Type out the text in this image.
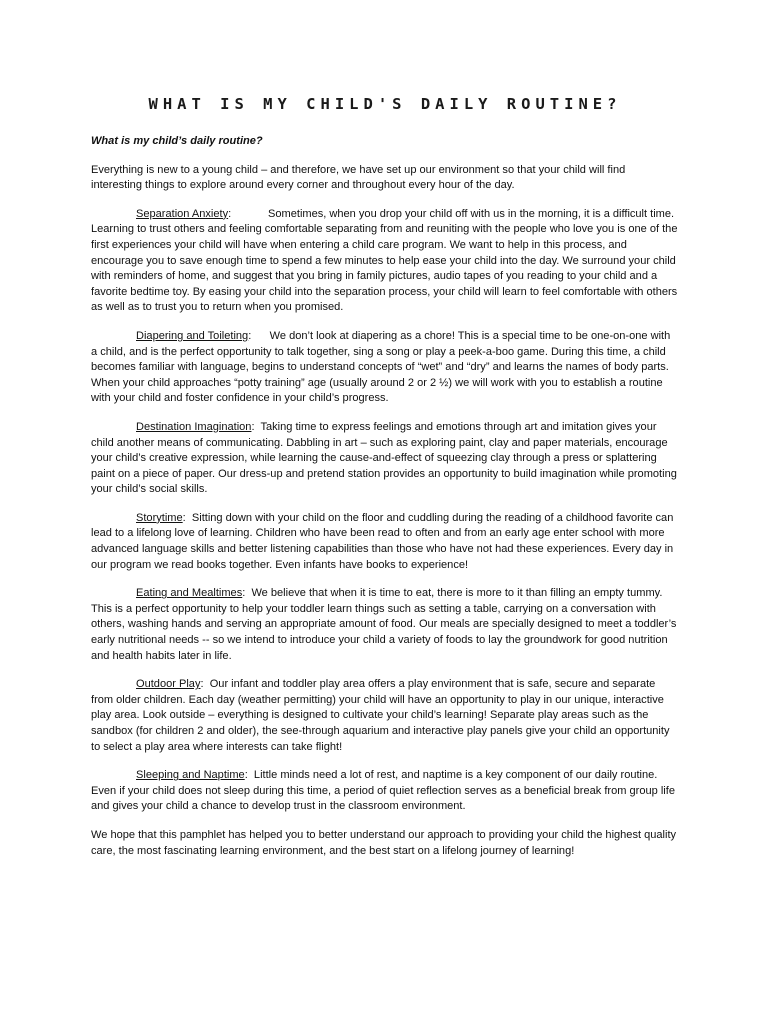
WHAT IS MY CHILD'S DAILY ROUTINE?

What is my child’s daily routine?

Everything is new to a young child – and therefore, we have set up our environment so that your child will find interesting things to explore around every corner and throughout every hour of the day.

Separation Anxiety:            Sometimes, when you drop your child off with us in the morning, it is a difficult time. Learning to trust others and feeling comfortable separating from and reuniting with the people who love you is one of the first experiences your child will have when entering a child care program. We want to help in this process, and encourage you to save enough time to spend a few minutes to help ease your child into the day. We surround your child with reminders of home, and suggest that you bring in family pictures, audio tapes of you reading to your child and a favorite bedtime toy. By easing your child into the separation process, your child will learn to feel comfortable with others as well as to trust you to return when you promised.

Diapering and Toileting:      We don’t look at diapering as a chore! This is a special time to be one-on-one with a child, and is the perfect opportunity to talk together, sing a song or play a peek-a-boo game. During this time, a child becomes familiar with language, begins to understand concepts of “wet” and “dry” and learns the names of body parts. When your child approaches “potty training” age (usually around 2 or 2 ½) we will work with you to establish a routine with your child and foster confidence in your child’s progress.

Destination Imagination:  Taking time to express feelings and emotions through art and imitation gives your child another means of communicating. Dabbling in art – such as exploring paint, clay and paper materials, encourage your child’s creative expression, while learning the cause-and-effect of squeezing clay through a press or splattering paint on a piece of paper. Our dress-up and pretend station provides an opportunity to build imagination while promoting your child’s social skills.

Storytime:  Sitting down with your child on the floor and cuddling during the reading of a childhood favorite can lead to a lifelong love of learning. Children who have been read to often and from an early age enter school with more advanced language skills and better listening capabilities than those who have not had these experiences. Every day in our program we read books together. Even infants have books to experience!

Eating and Mealtimes:  We believe that when it is time to eat, there is more to it than filling an empty tummy. This is a perfect opportunity to help your toddler learn things such as setting a table, carrying on a conversation with others, washing hands and serving an appropriate amount of food. Our meals are specially designed to meet a toddler’s early nutritional needs -- so we intend to introduce your child a variety of foods to lay the groundwork for good nutrition and health habits later in life.

Outdoor Play:  Our infant and toddler play area offers a play environment that is safe, secure and separate from older children. Each day (weather permitting) your child will have an opportunity to play in our unique, interactive play area. Look outside – everything is designed to cultivate your child’s learning! Separate play areas such as the sandbox (for children 2 and older), the see-through aquarium and interactive play panels give your child an opportunity to select a play area where interests can take flight!

Sleeping and Naptime:  Little minds need a lot of rest, and naptime is a key component of our daily routine. Even if your child does not sleep during this time, a period of quiet reflection serves as a beneficial break from group life and gives your child a chance to develop trust in the classroom environment.

We hope that this pamphlet has helped you to better understand our approach to providing your child the highest quality care, the most fascinating learning environment, and the best start on a lifelong journey of learning!
